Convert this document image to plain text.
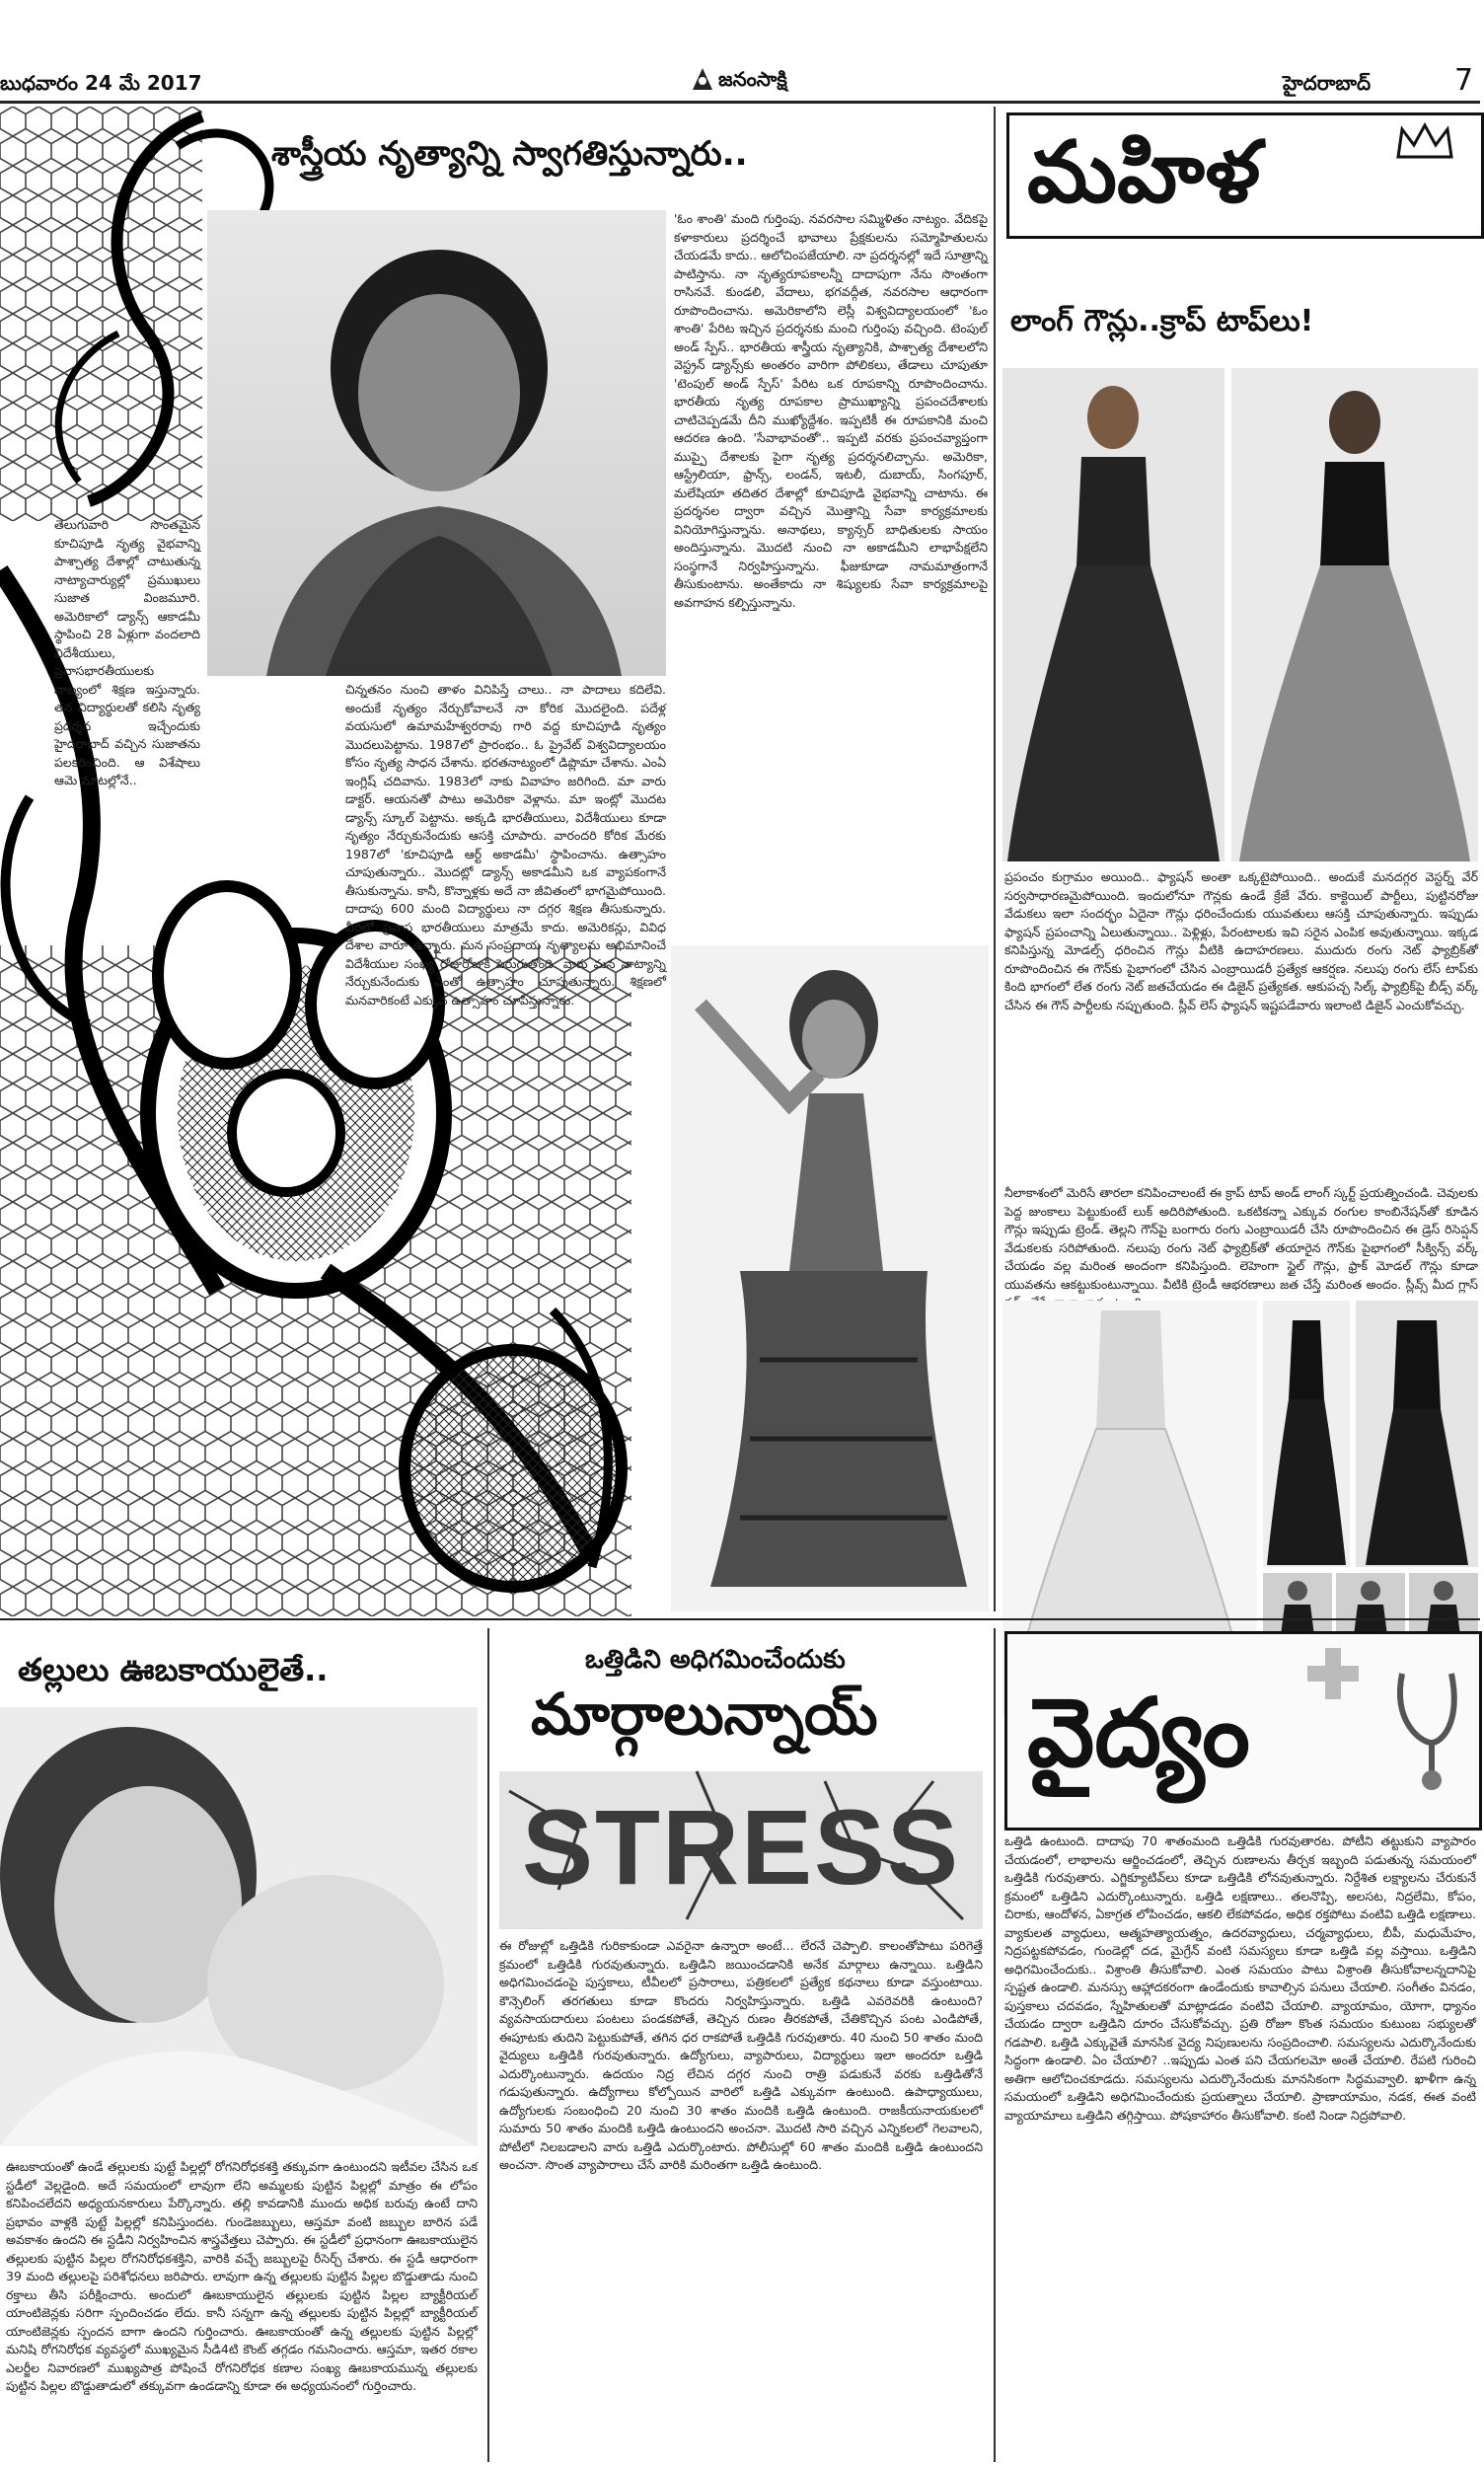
బుధవారం 24 మే 2017	జనంసాక్షి	హైదరాబాద్	7
శాస్త్రీయ నృత్యాన్ని స్వాగతిస్తున్నారు..

తెలుగువారి సొంతమైన కూచిపూడి నృత్య వైభవాన్ని పాశ్చాత్య దేశాల్లో చాటుతున్న నాట్యాచార్యుల్లో ప్రముఖులు సుజాత వింజమూరి. అమెరికాలో డ్యాన్స్ ఆకాడమీ స్థాపించి 28 ఏళ్లుగా వందలాది విదేశీయులు, ప్రవాసభారతీయులకు నాట్యంలో శిక్షణ ఇస్తున్నారు. తన విద్యార్థులతో కలిసి నృత్య ప్రదర్శన ఇచ్చేందుకు హైదరాబాద్ వచ్చిన సుజాతను పలకరించింది. ఆ విశేషాలు ఆమె మాటల్లోనే..

చిన్నతనం నుంచి తాళం వినిపిస్తే చాలు.. నా పాదాలు కదిలేవి. అందుకే నృత్యం నేర్చుకోవాలనే నా కోరిక మొదలైంది. పదేళ్ల వయసులో ఉమామహేశ్వరరావు గారి వద్ద కూచిపూడి నృత్యం మొదలుపెట్టాను. 1987లో ప్రారంభం.. ఓ ప్రైవేట్ విశ్వవిద్యాలయం కోసం నృత్య సాధన చేశాను. భరతనాట్యంలో డిప్లొమా చేశాను. ఎంఏ ఇంగ్లిష్ చదివాను. 1983లో నాకు వివాహం జరిగింది. మా వారు డాక్టర్. ఆయనతో పాటు అమెరికా వెళ్లాను. మా ఇంట్లో మొదట డ్యాన్స్ స్కూల్ పెట్టాను. అక్కడి భారతీయులు, విదేశీయులు కూడా నృత్యం నేర్చుకునేందుకు ఆసక్తి చూపారు. వారందరి కోరిక మేరకు 1987లో 'కూచిపూడి ఆర్ట్ అకాడమీ' స్థాపించాను. ఉత్సాహం చూపుతున్నారు.. మొదట్లో డ్యాన్స్ అకాడమీని ఒక వ్యాపకంగానే తీసుకున్నాను. కానీ, కొన్నాళ్లకు అదే నా జీవితంలో భాగమైపోయింది. దాదాపు 600 మంది విద్యార్థులు నా దగ్గర శిక్షణ తీసుకున్నారు. వీరిలో ప్రవాస భారతీయులు మాత్రమే కాదు. అమెరికన్లు, వివిధ దేశాల వారూ ఉన్నారు. మన సంప్రదాయ నృత్యాలను అభిమానించే విదేశీయుల సంఖ్య రోజురోజుకీ పెరుగుతోంది. వారు మన నాట్యాన్ని నేర్చుకునేందుకు ఎంతో ఉత్సాహం చూపుతున్నారు. శిక్షణలో మనవారికంటే ఎక్కువ ఉత్సాహం చూపిస్తున్నారు.

'ఓం శాంతి' మంది గుర్తింపు. నవరసాల సమ్మిళితం నాట్యం. వేదికపై కళాకారులు ప్రదర్శించే భావాలు ప్రేక్షకులను సమ్మోహితులను చేయడమే కాదు.. ఆలోచింపజేయాలి. నా ప్రదర్శనల్లో ఇదే సూత్రాన్ని పాటిస్తాను. నా నృత్యరూపకాలన్నీ దాదాపుగా నేను సొంతంగా రాసినవే. కుండలి, వేదాలు, భగవద్గీత, నవరసాల ఆధారంగా రూపొందించాను. అమెరికాలోని లెస్లీ విశ్వవిద్యాలయంలో 'ఓం శాంతి' పేరిట ఇచ్చిన ప్రదర్శనకు మంచి గుర్తింపు వచ్చింది. టెంపుల్ అండ్ స్పేస్.. భారతీయ శాస్త్రీయ నృత్యానికి, పాశ్చాత్య దేశాలలోని వెస్ట్రన్ డ్యాన్స్‌కు అంతరం వారిగా పోలికలు, తేడాలు చూపుతూ 'టెంపుల్ అండ్ స్పేస్' పేరిట ఒక రూపకాన్ని రూపొందించాను. భారతీయ నృత్య రూపకాల ప్రాముఖ్యాన్ని ప్రపంచదేశాలకు చాటిచెప్పడమే దీని ముఖ్యోద్దేశం. ఇప్పటికీ ఈ రూపకానికి మంచి ఆదరణ ఉంది. 'సేవాభావంతో'.. ఇప్పటి వరకు ప్రపంచవ్యాప్తంగా ముప్పై దేశాలకు పైగా నృత్య ప్రదర్శనలిచ్చాను. అమెరికా, ఆస్ట్రేలియా, ఫ్రాన్స్, లండన్, ఇటలీ, దుబాయ్, సింగపూర్, మలేషియా తదితర దేశాల్లో కూచిపూడి వైభవాన్ని చాటాను. ఈ ప్రదర్శనల ద్వారా వచ్చిన మొత్తాన్ని సేవా కార్యక్రమాలకు వినియోగిస్తున్నాను. అనాథలు, క్యాన్సర్ బాధితులకు సాయం అందిస్తున్నాను. మొదటి నుంచి నా అకాడమీని లాభాపేక్షలేని సంస్థగానే నిర్వహిస్తున్నాను. ఫీజుకూడా నామమాత్రంగానే తీసుకుంటాను. అంతేకాదు నా శిష్యులకు సేవా కార్యక్రమాలపై అవగాహన కల్పిస్తున్నాను.

మహిళ
లాంగ్ గౌన్లు..క్రాప్ టాప్‌లు!

ప్రపంచం కుగ్రామం అయింది.. ఫ్యాషన్ అంతా ఒక్కటైపోయింది.. అందుకే మనదగ్గర వెస్టర్న్ వేర్ సర్వసాధారణమైపోయింది. ఇందులోనూ గౌన్లకు ఉండే క్రేజే వేరు. కాక్టెయిల్ పార్టీలు, పుట్టినరోజు వేడుకలు ఇలా సందర్భం ఏదైనా గౌన్లు ధరించేందుకు యువతులు ఆసక్తి చూపుతున్నారు. ఇప్పుడు ఫ్యాషన్ ప్రపంచాన్ని ఏలుతున్నాయి.. పెళ్లిళ్లు, పేరంటాలకు ఇవి సరైన ఎంపిక అవుతున్నాయి. ఇక్కడ కనిపిస్తున్న మోడల్స్ ధరించిన గౌన్లు వీటికి ఉదాహరణలు. ముదురు రంగు నెట్ ఫ్యాబ్రిక్‌తో రూపొందించిన ఈ గౌన్‌కు పైభాగంలో చేసిన ఎంబ్రాయిడరీ ప్రత్యేక ఆకర్షణ. నలుపు రంగు లేస్ టాప్‌కు కింది భాగంలో లేత రంగు నెట్ జతచేయడం ఈ డిజైన్ ప్రత్యేకత. ఆకుపచ్చ సిల్క్ ఫ్యాబ్రిక్‌పై బీడ్స్ వర్క్ చేసిన ఈ గౌన్ పార్టీలకు నప్పుతుంది. స్లీవ్ లెస్ ఫ్యాషన్ ఇష్టపడేవారు ఇలాంటి డిజైన్ ఎంచుకోవచ్చు.

నీలాకాశంలో మెరిసే తారలా కనిపించాలంటే ఈ క్రాప్ టాప్ అండ్ లాంగ్ స్కర్ట్ ప్రయత్నించండి. చెవులకు పెద్ద జుంకాలు పెట్టుకుంటే లుక్ అదిరిపోతుంది. ఒకటికన్నా ఎక్కువ రంగుల కాంబినేషన్‌తో కూడిన గౌన్లు ఇప్పుడు ట్రెండ్. తెల్లని గౌన్‌పై బంగారు రంగు ఎంబ్రాయిడరీ చేసి రూపొందించిన ఈ డ్రెస్ రిసెప్షన్ వేడుకలకు సరిపోతుంది. నలుపు రంగు నెట్ ఫ్యాబ్రిక్‌తో తయారైన గౌన్‌కు పైభాగంలో సీక్విన్స్ వర్క్ చేయడం వల్ల మరింత అందంగా కనిపిస్తుంది. లెహెంగా స్టైల్ గౌన్లు, ఫ్రాక్ మోడల్ గౌన్లు కూడా యువతను ఆకట్టుకుంటున్నాయి. వీటికి ట్రెండీ ఆభరణాలు జత చేస్తే మరింత అందం. స్లీవ్స్ మీద గ్లాస్

తల్లులు ఊబకాయులైతే..

ఊబకాయంతో ఉండే తల్లులకు పుట్టే పిల్లల్లో రోగనిరోధకశక్తి తక్కువగా ఉంటుందని ఇటీవల చేసిన ఒక స్టడీలో వెల్లడైంది. అదే సమయంలో లావుగా లేని అమ్మలకు పుట్టిన పిల్లల్లో మాత్రం ఈ లోపం కనిపించలేదని అధ్యయనకారులు పేర్కొన్నారు. తల్లి కావడానికి ముందు అధిక బరువు ఉంటే దాని ప్రభావం వాళ్లకి పుట్టే పిల్లల్లో కనిపిస్తుందట. గుండెజబ్బులు, ఆస్తమా వంటి జబ్బుల బారిన పడే అవకాశం ఉందని ఈ స్టడీని నిర్వహించిన శాస్త్రవేత్తలు చెప్పారు. ఈ స్టడీలో ప్రధానంగా ఊబకాయులైన తల్లులకు పుట్టిన పిల్లల రోగనిరోధకశక్తిని, వారికి వచ్చే జబ్బులపై రీసెర్చ్ చేశారు. ఈ స్టడీ ఆధారంగా 39 మంది తల్లులపై పరిశోధనలు జరిపారు. లావుగా ఉన్న తల్లులకు పుట్టిన పిల్లల బొడ్డుతాడు నుంచి రక్తాలు తీసి పరీక్షించారు. అందులో ఊబకాయులైన తల్లులకు పుట్టిన పిల్లల బ్యాక్టీరియల్ యాంటిజెన్లకు సరిగా స్పందించడం లేదు. కానీ సన్నగా ఉన్న తల్లులకు పుట్టిన పిల్లల్లో బ్యాక్టీరియల్ యాంటిజెన్లకు స్పందన బాగా ఉందని గుర్తించారు. ఊబకాయంతో ఉన్న తల్లులకు పుట్టిన పిల్లల్లో మనిషి రోగనిరోధక వ్యవస్థలో ముఖ్యమైన సీడి4టి కౌంట్ తగ్గడం గమనించారు. ఆస్తమా, ఇతర రకాల ఎలర్జీల నివారణలో ముఖ్యపాత్ర పోషించే రోగనిరోధక కణాల సంఖ్య ఊబకాయమున్న తల్లులకు పుట్టిన పిల్లల బొడ్డుతాడులో తక్కువగా ఉండడాన్ని కూడా ఈ అధ్యయనంలో గుర్తించారు.

ఒత్తిడిని అధిగమించేందుకు
మార్గాలున్నాయ్
STRESS

ఈ రోజుల్లో ఒత్తిడికి గురికాకుండా ఎవరైనా ఉన్నారా అంటే... లేరనే చెప్పాలి. కాలంతోపాటు పరిగెత్తే క్రమంలో ఒత్తిడికి గురవుతున్నారు. ఒత్తిడిని జయించడానికి అనేక మార్గాలు ఉన్నాయి. ఒత్తిడిని అధిగమించడంపై పుస్తకాలు, టీవీలలో ప్రసారాలు, పత్రికలలో ప్రత్యేక కథనాలు కూడా వస్తుంటాయి. కౌన్సెలింగ్ తరగతులు కూడా కొందరు నిర్వహిస్తున్నారు. ఒత్తిడి ఎవరెవరికి ఉంటుంది? వ్యవసాయదారులు పంటలు పండకపోతే, తెచ్చిన రుణం తీరకపోతే, చేతికొచ్చిన పంట ఎండిపోతే, ఈపూటకు తుదిని పెట్టుకుపోతే, తగిన ధర రాకపోతే ఒత్తిడికి గురవుతారు. 40 నుంచి 50 శాతం మంది వైద్యులు ఒత్తిడికి గురవుతున్నారు. ఉద్యోగులు, వ్యాపారులు, విద్యార్థులు ఇలా అందరూ ఒత్తిడి ఎదుర్కొంటున్నారు. ఉదయం నిద్ర లేచిన దగ్గర నుంచి రాత్రి పడుకునే వరకు ఒత్తిడితోనే గడుపుతున్నారు. ఉద్యోగాలు కోల్పోయిన వారిలో ఒత్తిడి ఎక్కువగా ఉంటుంది. ఉపాధ్యాయులు, ఉద్యోగులకు సంబంధించి 20 నుంచి 30 శాతం మందికి ఒత్తిడి ఉంటుంది. రాజకీయనాయకులలో సుమారు 50 శాతం మందికి ఒత్తిడి ఉంటుందని అంచనా. మొదటి సారి వచ్చిన ఎన్నికలలో గెలవాలని, పోటీలో నిలబడాలని వారు ఒత్తిడి ఎదుర్కొంటారు. పోలీసుల్లో 60 శాతం మందికి ఒత్తిడి ఉంటుందని అంచనా. సొంత వ్యాపారాలు చేసే వారికి మరింతగా ఒత్తిడి ఉంటుంది.

వైద్యం

ఒత్తిడి ఉంటుంది. దాదాపు 70 శాతంమంది ఒత్తిడికి గురవుతారట. పోటీని తట్టుకుని వ్యాపారం చేయడంలో, లాభాలను ఆర్జించడంలో, తెచ్చిన రుణాలను తీర్చక ఇబ్బంది పడుతున్న సమయంలో ఒత్తిడికి గురవుతారు. ఎగ్జిక్యూటివ్‌లు కూడా ఒత్తిడికి లోనవుతున్నారు. నిర్దేశిత లక్ష్యాలను చేరుకునే క్రమంలో ఒత్తిడిని ఎదుర్కొంటున్నారు. ఒత్తిడి లక్షణాలు.. తలనొప్పి, అలసట, నిద్రలేమి, కోపం, చిరాకు, ఆందోళన, ఏకాగ్రత లోపించడం, ఆకలి లేకపోవడం, అధిక రక్తపోటు వంటివి ఒత్తిడి లక్షణాలు. వ్యాకులత వ్యాధులు, ఆత్మహత్యాయత్నం, ఉదరవ్యాధులు, చర్మవ్యాధులు, బీపీ, మధుమేహం, నిద్రపట్టకపోవడం, గుండెల్లో దడ, మైగ్రేన్ వంటి సమస్యలు కూడా ఒత్తిడి వల్ల వస్తాయి. ఒత్తిడిని అధిగమించేందుకు.. విశ్రాంతి తీసుకోవాలి. ఎంత సమయం పాటు విశ్రాంతి తీసుకోవాలన్నదానిపై స్పష్టత ఉండాలి. మనస్సు ఆహ్లాదకరంగా ఉండేందుకు కావాల్సిన పనులు చేయాలి. సంగీతం వినడం, పుస్తకాలు చదవడం, స్నేహితులతో మాట్లాడడం వంటివి చేయాలి. వ్యాయామం, యోగా, ధ్యానం చేయడం ద్వారా ఒత్తిడిని దూరం చేసుకోవచ్చు. ప్రతి రోజూ కొంత సమయం కుటుంబ సభ్యులతో గడపాలి. ఒత్తిడి ఎక్కువైతే మానసిక వైద్య నిపుణులను సంప్రదించాలి. సమస్యలను ఎదుర్కొనేందుకు సిద్ధంగా ఉండాలి. ఏం చేయాలి? ..ఇప్పుడు ఎంత పని చేయగలమో అంతే చేయాలి. రేపటి గురించి అతిగా ఆలోచించకూడదు. సమస్యలను ఎదుర్కొనేందుకు మానసికంగా సిద్ధమవ్వాలి. ఖాళీగా ఉన్న సమయంలో ఒత్తిడిని అధిగమించేందుకు ప్రయత్నాలు చేయాలి. ప్రాణాయామం, నడక, ఈత వంటి వ్యాయామాలు ఒత్తిడిని తగ్గిస్తాయి. పోషకాహారం తీసుకోవాలి. కంటి నిండా నిద్రపోవాలి.
